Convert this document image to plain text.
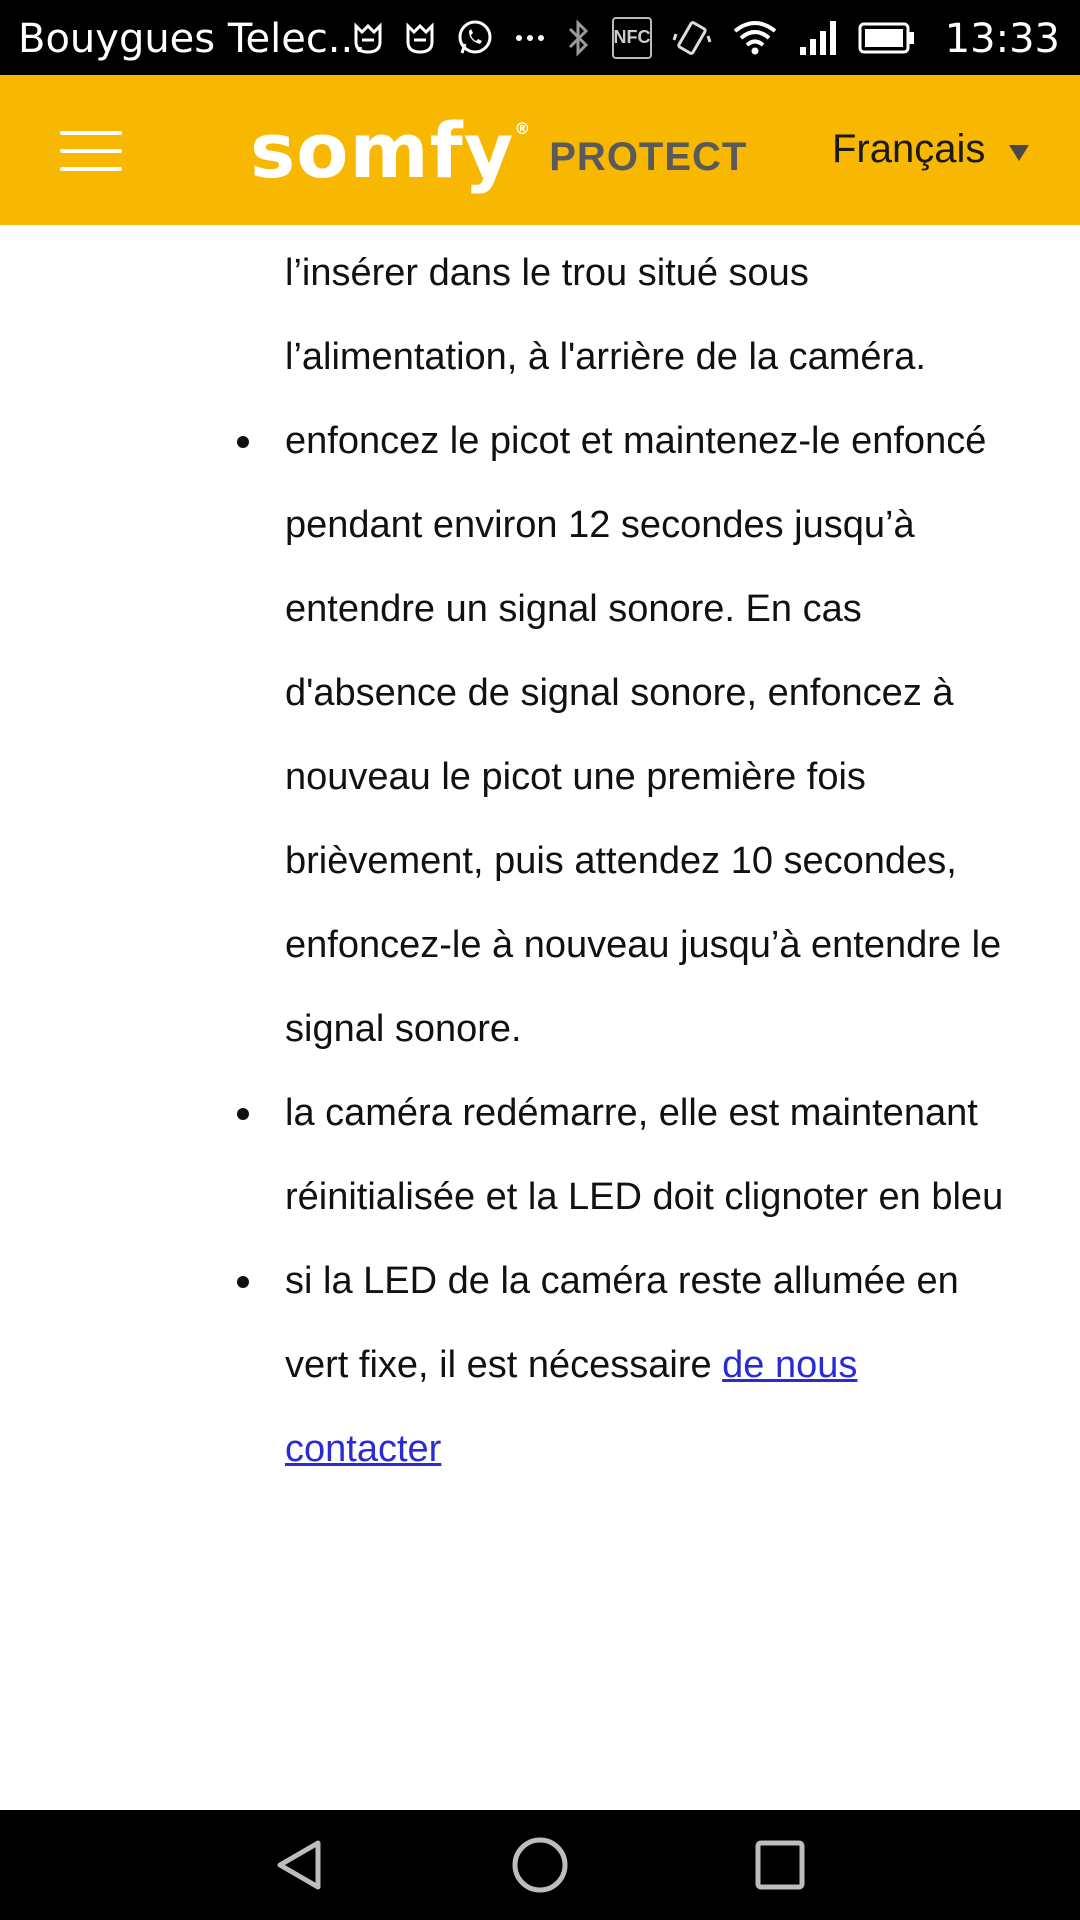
Bouygues Telec...	NFC	13:33
somfy®
PROTECT Français
l’insérer dans le trou situé sous l’alimentation, à l'arrière de la caméra.
enfoncez le picot et maintenez-le enfoncé pendant environ 12 secondes jusqu’à entendre un signal sonore. En cas d'absence de signal sonore, enfoncez à nouveau le picot une première fois brièvement, puis attendez 10 secondes, enfoncez-le à nouveau jusqu’à entendre le signal sonore.
la caméra redémarre, elle est maintenant réinitialisée et la LED doit clignoter en bleu
si la LED de la caméra reste allumée en vert fixe, il est nécessaire de nous contacter
